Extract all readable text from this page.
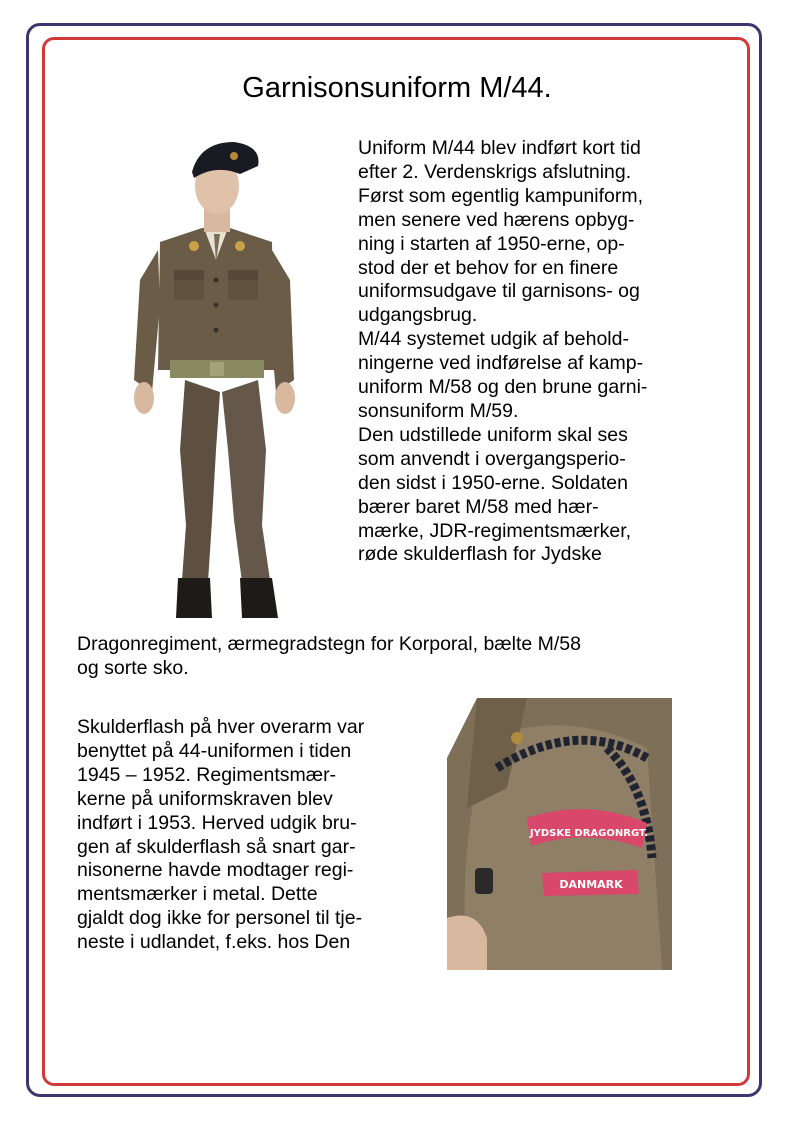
Garnisonsuniform M/44.

Uniform M/44 blev indført kort tid

efter 2. Verdenskrigs afslutning.

Først som egentlig kampuniform,

men senere ved hærens opbyg-

ning i starten af 1950-erne, op-

stod der et behov for en finere

uniformsudgave til garnisons- og

udgangsbrug.

M/44 systemet udgik af behold-

ningerne ved indførelse af kamp-

uniform M/58 og den brune garni-

sonsuniform M/59.

Den udstillede uniform skal ses

som anvendt i overgangsperio-

den sidst i 1950-erne. Soldaten

bærer baret M/58 med hær-

mærke, JDR-regimentsmærker,

røde skulderflash for Jydske

Dragonregiment, ærmegradstegn for Korporal, bælte M/58

og sorte sko.

Skulderflash på hver overarm var

benyttet på 44-uniformen i tiden

1945 – 1952. Regimentsmær-

kerne på uniformskraven blev

indført i 1953. Herved udgik bru-

gen af skulderflash så snart gar-

nisonerne havde modtager regi-

mentsmærker i metal. Dette

gjaldt dog ikke for personel til tje-

neste i udlandet, f.eks. hos Den

JYDSKE DRAGONRGT.
DANMARK
